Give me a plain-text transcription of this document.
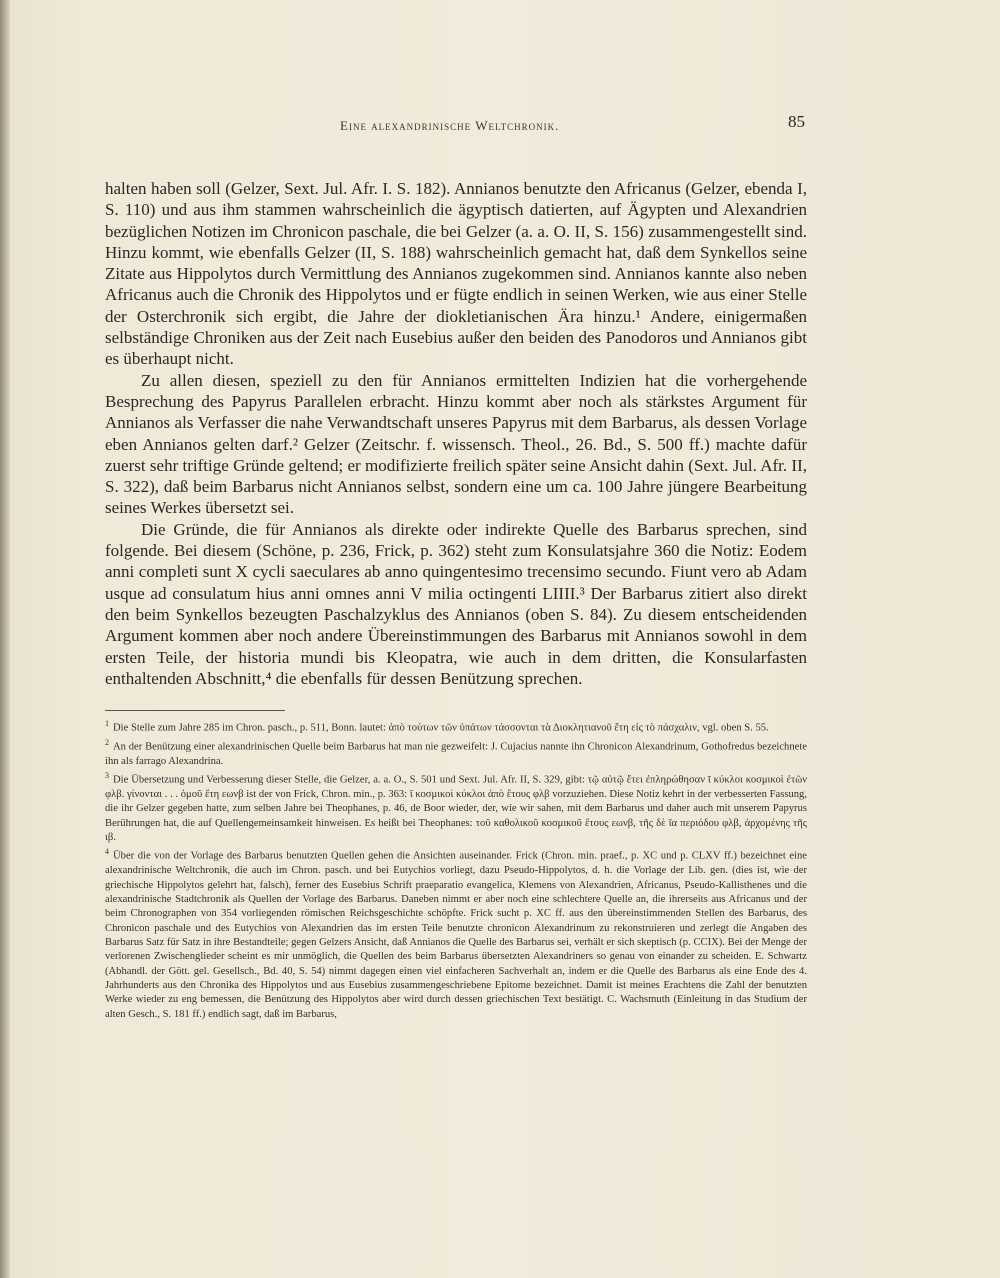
Eine alexandrinische Weltchronik.	85

halten haben soll (Gelzer, Sext. Jul. Afr. I. S. 182). Annianos benutzte den Africanus (Gelzer, ebenda I, S. 110) und aus ihm stammen wahrscheinlich die ägyptisch datierten, auf Ägypten und Alexandrien bezüglichen Notizen im Chronicon paschale, die bei Gelzer (a. a. O. II, S. 156) zusammengestellt sind. Hinzu kommt, wie ebenfalls Gelzer (II, S. 188) wahrscheinlich gemacht hat, daß dem Synkellos seine Zitate aus Hippolytos durch Vermittlung des Annianos zugekommen sind. Annianos kannte also neben Africanus auch die Chronik des Hippolytos und er fügte endlich in seinen Werken, wie aus einer Stelle der Osterchronik sich ergibt, die Jahre der diokletianischen Ära hinzu.¹ Andere, einigermaßen selbständige Chroniken aus der Zeit nach Eusebius außer den beiden des Panodoros und Annianos gibt es überhaupt nicht.

Zu allen diesen, speziell zu den für Annianos ermittelten Indizien hat die vorhergehende Besprechung des Papyrus Parallelen erbracht. Hinzu kommt aber noch als stärkstes Argument für Annianos als Verfasser die nahe Verwandtschaft unseres Papyrus mit dem Barbarus, als dessen Vorlage eben Annianos gelten darf.² Gelzer (Zeitschr. f. wissensch. Theol., 26. Bd., S. 500 ff.) machte dafür zuerst sehr triftige Gründe geltend; er modifizierte freilich später seine Ansicht dahin (Sext. Jul. Afr. II, S. 322), daß beim Barbarus nicht Annianos selbst, sondern eine um ca. 100 Jahre jüngere Bearbeitung seines Werkes übersetzt sei.

Die Gründe, die für Annianos als direkte oder indirekte Quelle des Barbarus sprechen, sind folgende. Bei diesem (Schöne, p. 236, Frick, p. 362) steht zum Konsulatsjahre 360 die Notiz: Eodem anni completi sunt X cycli saeculares ab anno quingentesimo trecensimo secundo. Fiunt vero ab Adam usque ad consulatum hius anni omnes anni V milia octingenti LIIII.³ Der Barbarus zitiert also direkt den beim Synkellos bezeugten Paschalzyklus des Annianos (oben S. 84). Zu diesem entscheidenden Argument kommen aber noch andere Übereinstimmungen des Barbarus mit Annianos sowohl in dem ersten Teile, der historia mundi bis Kleopatra, wie auch in dem dritten, die Konsularfasten enthaltenden Abschnitt,⁴ die ebenfalls für dessen Benützung sprechen.

$^1$ Die Stelle zum Jahre 285 im Chron. pasch., p. 511, Bonn. lautet: ἀπὸ τούτων τῶν ὑπάτων τάσσονται τὰ Διοκλητιανοῦ ἔτη εἰς τὸ πάσχαλιν, vgl. oben S. 55.

$^2$ An der Benützung einer alexandrinischen Quelle beim Barbarus hat man nie gezweifelt: J. Cujacius nannte ihn Chronicon Alexandrinum, Gothofredus bezeichnete ihn als farrago Alexandrina.

$^3$ Die Übersetzung und Verbesserung dieser Stelle, die Gelzer, a. a. O., S. 501 und Sext. Jul. Afr. II, S. 329, gibt: τῷ αὐτῷ ἔτει ἐπληρώθησαν ῑ κύκλοι κοσμικοὶ ἐτῶν φλβ. γίνονται . . . ὁμοῦ ἔτη εωνβ ist der von Frick, Chron. min., p. 363: ῑ κοσμικοὶ κύκλοι ἀπὸ ἔτους φλβ vorzuziehen. Diese Notiz kehrt in der verbesserten Fassung, die ihr Gelzer gegeben hatte, zum selben Jahre bei Theophanes, p. 46, de Boor wieder, der, wie wir sahen, mit dem Barbarus und daher auch mit unserem Papyrus Berührungen hat, die auf Quellengemeinsamkeit hinweisen. Es heißt bei Theophanes: τοῦ καθολικοῦ κοσμικοῦ ἔτους εωνβ, τῆς δὲ ῑα περιόδου φλβ, ἀρχομένης τῆς ιβ.

$^4$ Über die von der Vorlage des Barbarus benutzten Quellen gehen die Ansichten auseinander. Frick (Chron. min. praef., p. XC und p. CLXV ff.) bezeichnet eine alexandrinische Weltchronik, die auch im Chron. pasch. und bei Eutychios vorliegt, dazu Pseudo-Hippolytos, d. h. die Vorlage der Lib. gen. (dies ist, wie der griechische Hippolytos gelehrt hat, falsch), ferner des Eusebius Schrift praeparatio evangelica, Klemens von Alexandrien, Africanus, Pseudo-Kallisthenes und die alexandrinische Stadtchronik als Quellen der Vorlage des Barbarus. Daneben nimmt er aber noch eine schlechtere Quelle an, die ihrerseits aus Africanus und der beim Chronographen von 354 vorliegenden römischen Reichsgeschichte schöpfte. Frick sucht p. XC ff. aus den übereinstimmenden Stellen des Barbarus, des Chronicon paschale und des Eutychios von Alexandrien das im ersten Teile benutzte chronicon Alexandrinum zu rekonstruieren und zerlegt die Angaben des Barbarus Satz für Satz in ihre Bestandteile; gegen Gelzers Ansicht, daß Annianos die Quelle des Barbarus sei, verhält er sich skeptisch (p. CCIX). Bei der Menge der verlorenen Zwischenglieder scheint es mir unmöglich, die Quellen des beim Barbarus übersetzten Alexandriners so genau von einander zu scheiden. E. Schwartz (Abhandl. der Gött. gel. Gesellsch., Bd. 40, S. 54) nimmt dagegen einen viel einfacheren Sachverhalt an, indem er die Quelle des Barbarus als eine Ende des 4. Jahrhunderts aus den Chronika des Hippolytos und aus Eusebius zusammengeschriebene Epitome bezeichnet. Damit ist meines Erachtens die Zahl der benutzten Werke wieder zu eng bemessen, die Benützung des Hippolytos aber wird durch dessen griechischen Text bestätigt. C. Wachsmuth (Einleitung in das Studium der alten Gesch., S. 181 ff.) endlich sagt, daß im Barbarus,
